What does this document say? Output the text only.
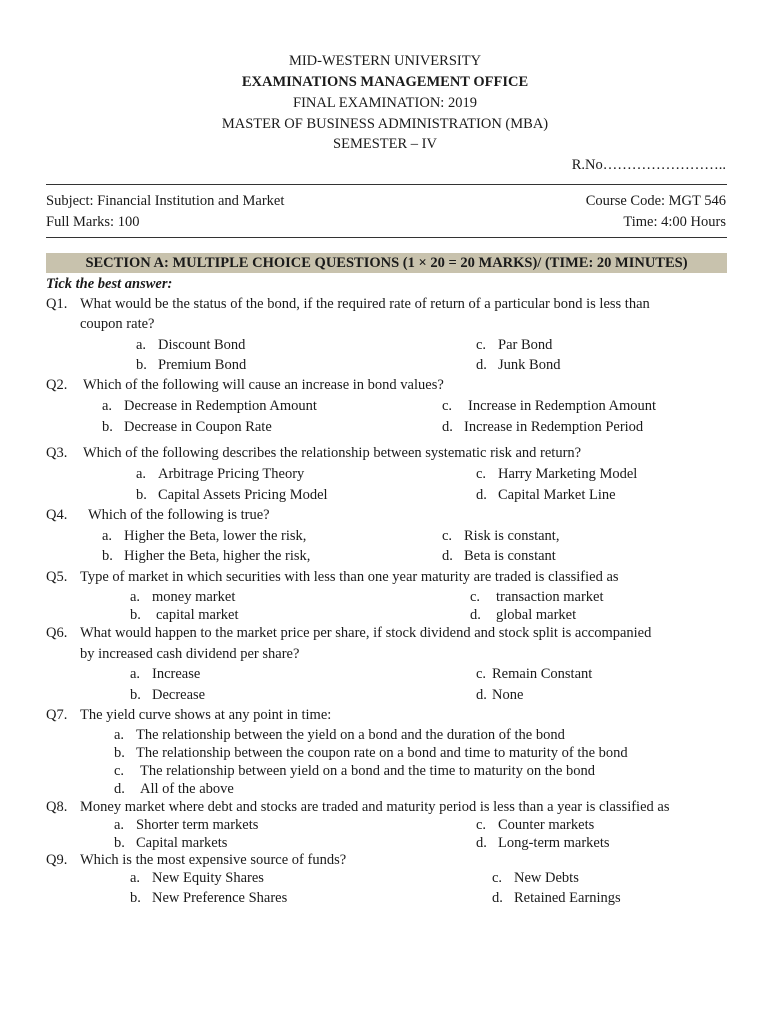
MID-WESTERN UNIVERSITY
EXAMINATIONS MANAGEMENT OFFICE
FINAL EXAMINATION: 2019
MASTER OF BUSINESS ADMINISTRATION (MBA)
SEMESTER – IV
R.No……………………..
Subject: Financial Institution and Market	Course Code: MGT 546
Full Marks: 100	Time: 4:00 Hours
SECTION A: MULTIPLE CHOICE QUESTIONS (1 × 20 = 20 MARKS)/ (TIME: 20 MINUTES)
Tick the best answer:
Q1. What would be the status of the bond, if the required rate of return of a particular bond is less than
coupon rate?
a. Discount Bond
b. Premium Bond
c. Par Bond
d. Junk Bond
Q2. Which of the following will cause an increase in bond values?
a. Decrease in Redemption Amount
b. Decrease in Coupon Rate
c. Increase in Redemption Amount
d. Increase in Redemption Period
Q3. Which of the following describes the relationship between systematic risk and return?
a. Arbitrage Pricing Theory
b. Capital Assets Pricing Model
c. Harry Marketing Model
d. Capital Market Line
Q4. Which of the following is true?
a. Higher the Beta, lower the risk,
b. Higher the Beta, higher the risk,
c. Risk is constant,
d. Beta is constant
Q5. Type of market in which securities with less than one year maturity are traded is classified as
a. money market
b. capital market
c. transaction market
d. global market
Q6. What would happen to the market price per share, if stock dividend and stock split is accompanied
by increased cash dividend per share?
a. Increase
b. Decrease
c. Remain Constant
d. None
Q7. The yield curve shows at any point in time:
a. The relationship between the yield on a bond and the duration of the bond
b. The relationship between the coupon rate on a bond and time to maturity of the bond
c. The relationship between yield on a bond and the time to maturity on the bond
d. All of the above
Q8. Money market where debt and stocks are traded and maturity period is less than a year is classified as
a. Shorter term markets
b. Capital markets
c. Counter markets
d. Long-term markets
Q9. Which is the most expensive source of funds?
a. New Equity Shares
b. New Preference Shares
c. New Debts
d. Retained Earnings
